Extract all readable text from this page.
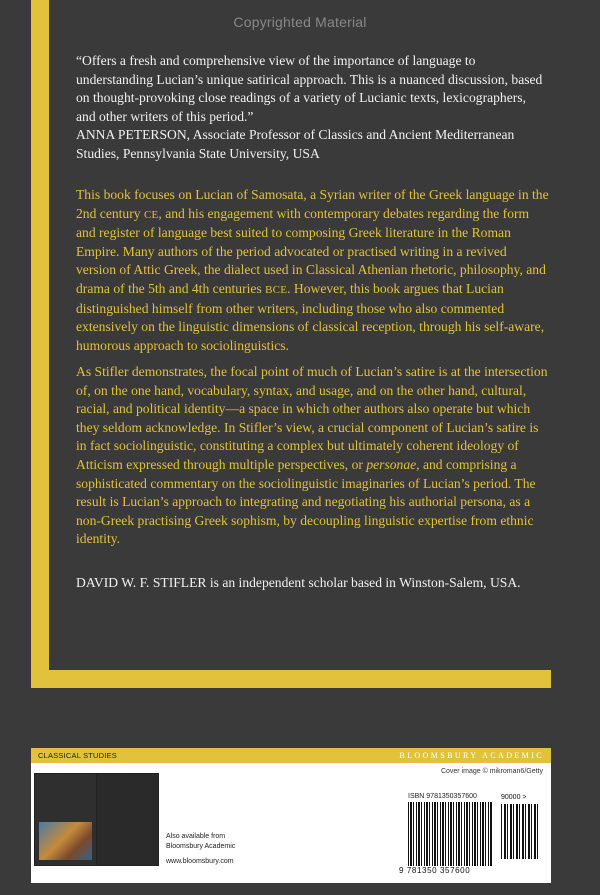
Copyrighted Material
“Offers a fresh and comprehensive view of the importance of language to understanding Lucian’s unique satirical approach. This is a nuanced discussion, based on thought-provoking close readings of a variety of Lucianic texts, lexicographers, and other writers of this period.”
ANNA PETERSON, Associate Professor of Classics and Ancient Mediterranean Studies, Pennsylvania State University, USA
This book focuses on Lucian of Samosata, a Syrian writer of the Greek language in the 2nd century CE, and his engagement with contemporary debates regarding the form and register of language best suited to composing Greek literature in the Roman Empire. Many authors of the period advocated or practised writing in a revived version of Attic Greek, the dialect used in Classical Athenian rhetoric, philosophy, and drama of the 5th and 4th centuries BCE. However, this book argues that Lucian distinguished himself from other writers, including those who also commented extensively on the linguistic dimensions of classical reception, through his self-aware, humorous approach to sociolinguistics.
As Stifler demonstrates, the focal point of much of Lucian’s satire is at the intersection of, on the one hand, vocabulary, syntax, and usage, and on the other hand, cultural, racial, and political identity—a space in which other authors also operate but which they seldom acknowledge. In Stifler’s view, a crucial component of Lucian’s satire is in fact sociolinguistic, constituting a complex but ultimately coherent ideology of Atticism expressed through multiple perspectives, or personae, and comprising a sophisticated commentary on the sociolinguistic imaginaries of Lucian’s period. The result is Lucian’s approach to integrating and negotiating his authorial persona, as a non-Greek practising Greek sophism, by decoupling linguistic expertise from ethnic identity.
DAVID W. F. STIFLER is an independent scholar based in Winston-Salem, USA.
CLASSICAL STUDIES	BLOOMSBURY ACADEMIC
Cover image © mikroman6/Getty

Also available from
Bloomsbury Academic
www.bloomsbury.com
ISBN 978135035760​0
9 781350 357600
90000 >
